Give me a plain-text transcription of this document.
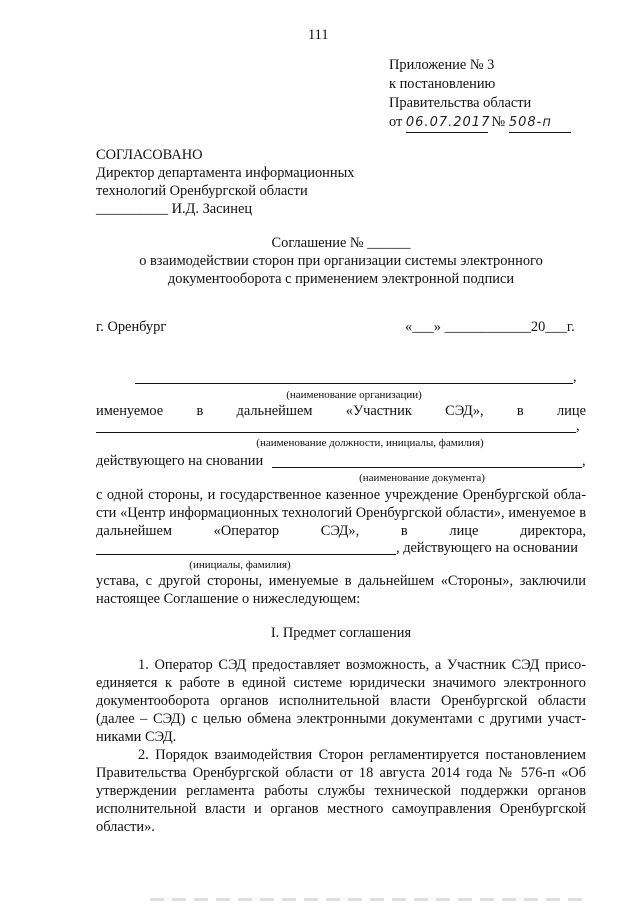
111
Приложение № 3
к постановлению
Правительства области
от 06.07.2017 № 508-п
СОГЛАСОВАНО
Директор департамента информационных
технологий Оренбургской области
__________ И.Д. Засинец
Соглашение № ______
о взаимодействии сторон при организации системы электронного
документооборота с применением электронной подписи
г. Оренбург	«___» ____________20___г.
,
(наименование организации)
именуемое в дальнейшем «Участник СЭД», в лице
,
(наименование должности, инициалы, фамилия)
действующего на сновании	,
(наименование документа)
с одной стороны, и государственное казенное учреждение Оренбургской обла-
сти «Центр информационных технологий Оренбургской области», именуемое в
дальнейшем	«Оператор	СЭД»,	в	лице	директора,
, действующего на основании
(инициалы, фамилия)
устава, с другой стороны, именуемые в дальнейшем «Стороны», заключили
настоящее Соглашение о нижеследующем:
I. Предмет соглашения
1. Оператор СЭД предоставляет возможность, а Участник СЭД присо-
единяется к работе в единой системе юридически значимого электронного
документооборота органов исполнительной власти Оренбургской области
(далее – СЭД) с целью обмена электронными документами с другими участ-
никами СЭД.
2. Порядок взаимодействия Сторон регламентируется постановлением
Правительства Оренбургской области от 18 августа 2014 года № 576-п «Об
утверждении регламента работы службы технической поддержки органов
исполнительной власти и органов местного самоуправления Оренбургской
области».
